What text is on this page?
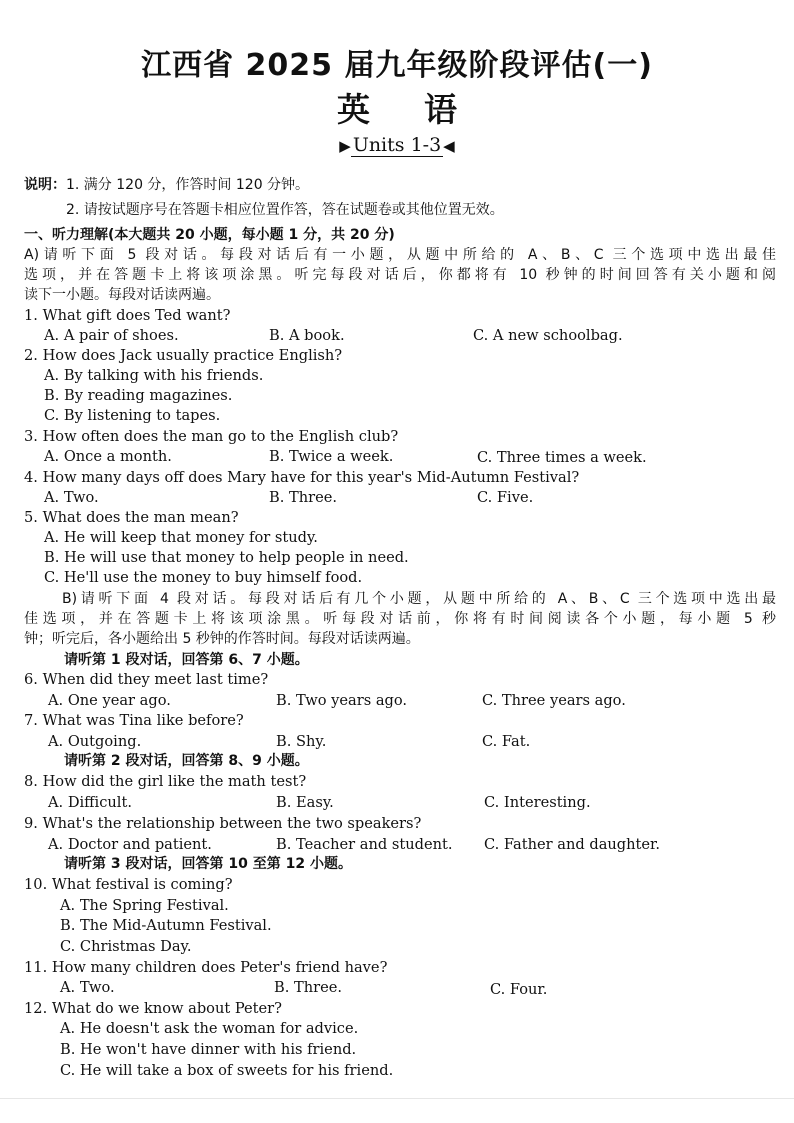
江西省 2025 届九年级阶段评估(一)
英语
▶ Units 1-3 ◀
说明：1. 满分 120 分，作答时间 120 分钟。
2. 请按试题序号在答题卡相应位置作答，答在试题卷或其他位置无效。
一、听力理解(本大题共 20 小题，每小题 1 分，共 20 分)
A)请听下面 5 段对话。每段对话后有一小题，从题中所给的 A、B、C 三个选项中选出最佳
选项，并在答题卡上将该项涂黑。听完每段对话后，你都将有 10 秒钟的时间回答有关小题和阅
读下一小题。每段对话读两遍。
1. What gift does Ted want?
A. A pair of shoes.	B. A book.	C. A new schoolbag.
2. How does Jack usually practice English?
A. By talking with his friends.
B. By reading magazines.
C. By listening to tapes.
3. How often does the man go to the English club?
A. Once a month.	B. Twice a week.	C. Three times a week.
4. How many days off does Mary have for this year's Mid-Autumn Festival?
A. Two.	B. Three.	C. Five.
5. What does the man mean?
A. He will keep that money for study.
B. He will use that money to help people in need.
C. He'll use the money to buy himself food.
B)请听下面 4 段对话。每段对话后有几个小题，从题中所给的 A、B、C 三个选项中选出最
佳选项，并在答题卡上将该项涂黑。听每段对话前，你将有时间阅读各个小题，每小题 5 秒
钟；听完后，各小题给出 5 秒钟的作答时间。每段对话读两遍。
请听第 1 段对话，回答第 6、7 小题。
6. When did they meet last time?
A. One year ago.	B. Two years ago.	C. Three years ago.
7. What was Tina like before?
A. Outgoing.	B. Shy.	C. Fat.
请听第 2 段对话，回答第 8、9 小题。
8. How did the girl like the math test?
A. Difficult.	B. Easy.	C. Interesting.
9. What's the relationship between the two speakers?
A. Doctor and patient.	B. Teacher and student. C. Father and daughter.
请听第 3 段对话，回答第 10 至第 12 小题。
10. What festival is coming?
A. The Spring Festival.
B. The Mid-Autumn Festival.
C. Christmas Day.
11. How many children does Peter's friend have?
A. Two.	B. Three.	C. Four.
12. What do we know about Peter?
A. He doesn't ask the woman for advice.
B. He won't have dinner with his friend.
C. He will take a box of sweets for his friend.
